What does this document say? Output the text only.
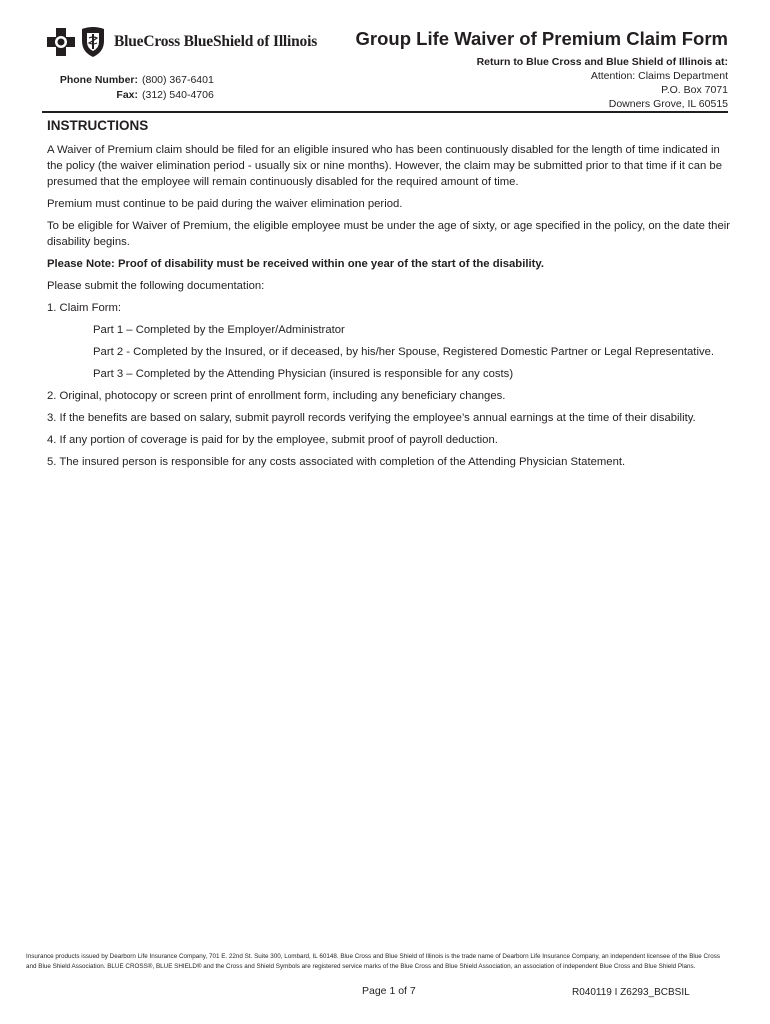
BlueCross BlueShield of Illinois Group Life Waiver of Premium Claim Form
Return to Blue Cross and Blue Shield of Illinois at:
Attention: Claims Department
P.O. Box 7071
Downers Grove, IL 60515
Phone Number: (800) 367-6401
Fax: (312) 540-4706
INSTRUCTIONS

A Waiver of Premium claim should be filed for an eligible insured who has been continuously disabled for the length of time indicated in the policy (the waiver elimination period - usually six or nine months). However, the claim may be submitted prior to that time if it can be presumed that the employee will remain continuously disabled for the required amount of time.

Premium must continue to be paid during the waiver elimination period.

To be eligible for Waiver of Premium, the eligible employee must be under the age of sixty, or age specified in the policy, on the date their disability begins.

Please Note: Proof of disability must be received within one year of the start of the disability.

Please submit the following documentation:

1. Claim Form:
Part 1 – Completed by the Employer/Administrator
Part 2 - Completed by the Insured, or if deceased, by his/her Spouse, Registered Domestic Partner or Legal Representative.
Part 3 – Completed by the Attending Physician (insured is responsible for any costs)
2. Original, photocopy or screen print of enrollment form, including any beneficiary changes.
3. If the benefits are based on salary, submit payroll records verifying the employee’s annual earnings at the time of their disability.
4. If any portion of coverage is paid for by the employee, submit proof of payroll deduction.
5. The insured person is responsible for any costs associated with completion of the Attending Physician Statement.
Insurance products issued by Dearborn Life Insurance Company, 701 E. 22nd St. Suite 300, Lombard, IL 60148. Blue Cross and Blue Shield of Illinois is the trade name of Dearborn Life Insurance Company, an independent licensee of the Blue Cross and Blue Shield Association. BLUE CROSS®, BLUE SHIELD® and the Cross and Shield Symbols are registered service marks of the Blue Cross and Blue Shield Association, an association of independent Blue Cross and Blue Shield Plans.
Page 1 of 7	R040119 I Z6293_BCBSIL
